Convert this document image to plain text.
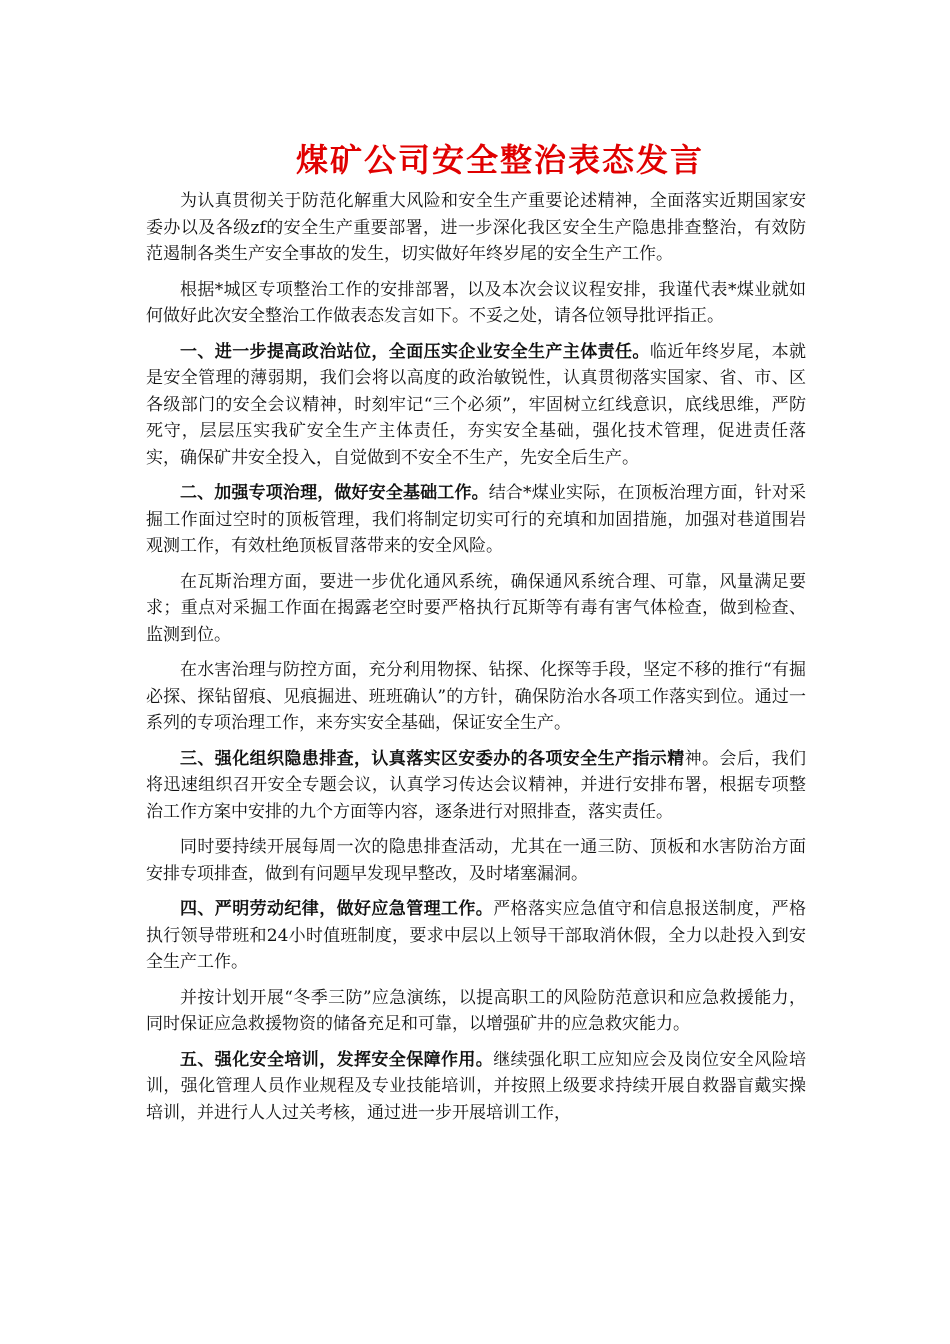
煤矿公司安全整治表态发言

为认真贯彻关于防范化解重大风险和安全生产重要论述精神，全面落实近期国家安委办以及各级zf的安全生产重要部署，进一步深化我区安全生产隐患排查整治，有效防范遏制各类生产安全事故的发生，切实做好年终岁尾的安全生产工作。

根据*城区专项整治工作的安排部署，以及本次会议议程安排，我谨代表*煤业就如何做好此次安全整治工作做表态发言如下。不妥之处，请各位领导批评指正。

一、进一步提高政治站位，全面压实企业安全生产主体责任。临近年终岁尾，本就是安全管理的薄弱期，我们会将以高度的政治敏锐性，认真贯彻落实国家、省、市、区各级部门的安全会议精神，时刻牢记“三个必须”，牢固树立红线意识，底线思维，严防死守，层层压实我矿安全生产主体责任，夯实安全基础，强化技术管理，促进责任落实，确保矿井安全投入，自觉做到不安全不生产，先安全后生产。

二、加强专项治理，做好安全基础工作。结合*煤业实际，在顶板治理方面，针对采掘工作面过空时的顶板管理，我们将制定切实可行的充填和加固措施，加强对巷道围岩观测工作，有效杜绝顶板冒落带来的安全风险。

在瓦斯治理方面，要进一步优化通风系统，确保通风系统合理、可靠，风量满足要求；重点对采掘工作面在揭露老空时要严格执行瓦斯等有毒有害气体检查，做到检查、监测到位。

在水害治理与防控方面，充分利用物探、钻探、化探等手段，坚定不移的推行“有掘必探、探钻留痕、见痕掘进、班班确认”的方针，确保防治水各项工作落实到位。通过一系列的专项治理工作，来夯实安全基础，保证安全生产。

三、强化组织隐患排查，认真落实区安委办的各项安全生产指示精神。会后，我们将迅速组织召开安全专题会议，认真学习传达会议精神，并进行安排布署，根据专项整治工作方案中安排的九个方面等内容，逐条进行对照排查，落实责任。

同时要持续开展每周一次的隐患排查活动，尤其在一通三防、顶板和水害防治方面安排专项排查，做到有问题早发现早整改，及时堵塞漏洞。

四、严明劳动纪律，做好应急管理工作。严格落实应急值守和信息报送制度，严格执行领导带班和24小时值班制度，要求中层以上领导干部取消休假，全力以赴投入到安全生产工作。

并按计划开展“冬季三防”应急演练，以提高职工的风险防范意识和应急救援能力，同时保证应急救援物资的储备充足和可靠，以增强矿井的应急救灾能力。

五、强化安全培训，发挥安全保障作用。继续强化职工应知应会及岗位安全风险培训，强化管理人员作业规程及专业技能培训，并按照上级要求持续开展自救器盲戴实操培训，并进行人人过关考核，通过进一步开展培训工作，
